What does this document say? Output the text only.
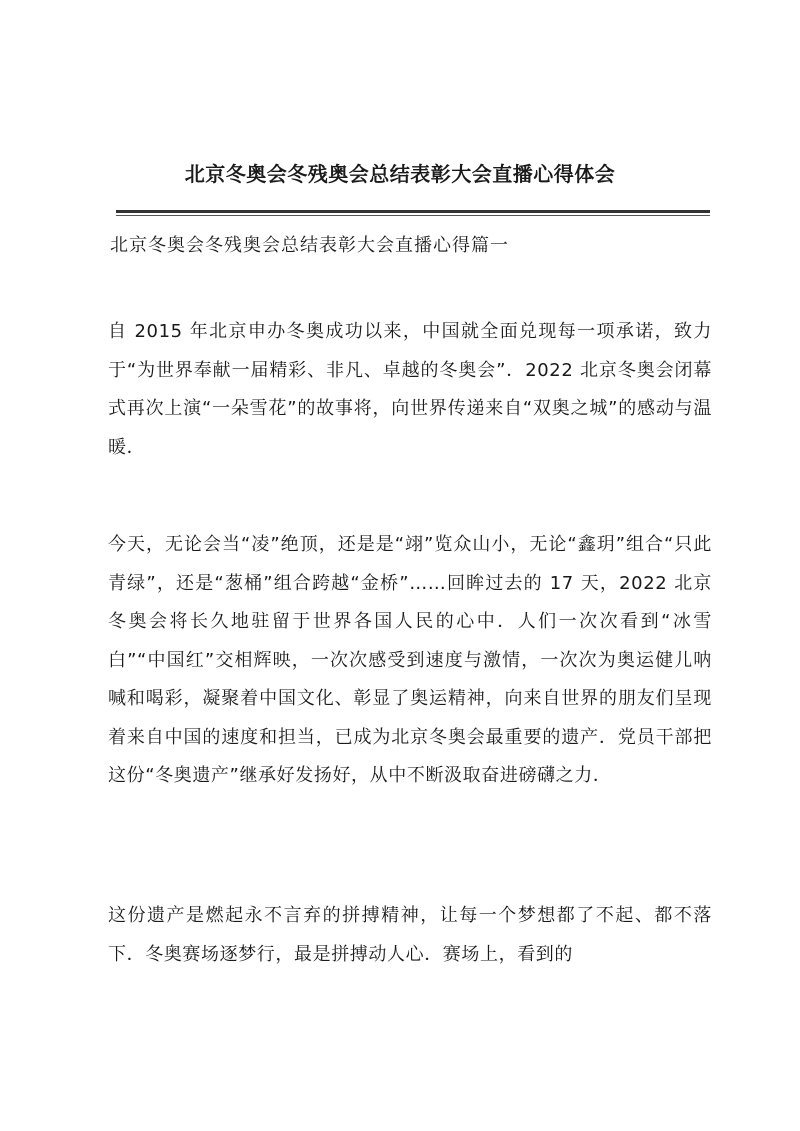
北京冬奥会冬残奥会总结表彰大会直播心得体会
北京冬奥会冬残奥会总结表彰大会直播心得篇一

自 2015 年北京申办冬奥成功以来，中国就全面兑现每一项承诺，致力于“为世界奉献一届精彩、非凡、卓越的冬奥会”．2022 北京冬奥会闭幕式再次上演“一朵雪花”的故事将，向世界传递来自“双奥之城”的感动与温暖．

今天，无论会当“凌”绝顶，还是是“翊”览众山小，无论“鑫玥”组合“只此青绿”，还是“葱桶”组合跨越“金桥”……回眸过去的 17 天，2022 北京冬奥会将长久地驻留于世界各国人民的心中．人们一次次看到“冰雪白”“中国红”交相辉映，一次次感受到速度与激情，一次次为奥运健儿呐喊和喝彩，凝聚着中国文化、彰显了奥运精神，向来自世界的朋友们呈现着来自中国的速度和担当，已成为北京冬奥会最重要的遗产．党员干部把这份“冬奥遗产”继承好发扬好，从中不断汲取奋进磅礴之力．

这份遗产是燃起永不言弃的拼搏精神，让每一个梦想都了不起、都不落下．冬奥赛场逐梦行，最是拼搏动人心．赛场上，看到的
